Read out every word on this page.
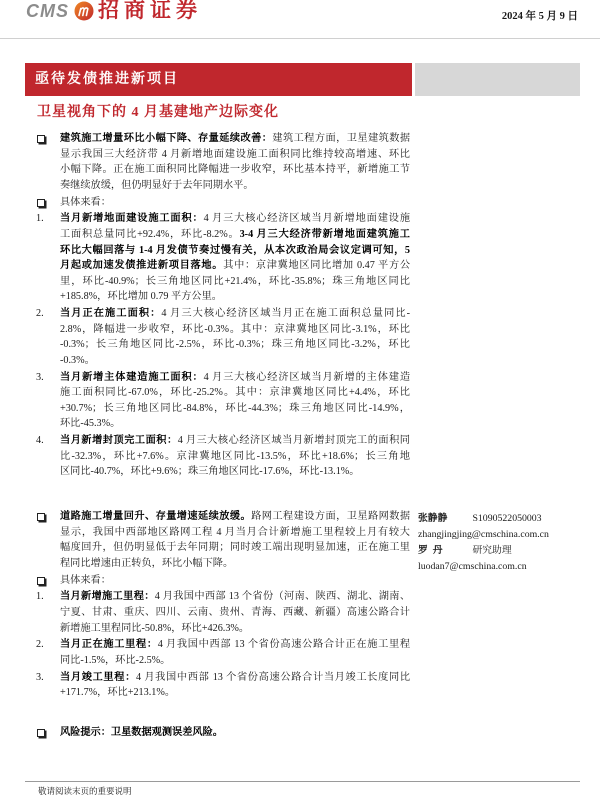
CMS 招商证券	2024 年 5 月 9 日
亟待发债推进新项目
卫星视角下的 4 月基建地产边际变化
建筑施工增量环比小幅下降、存量延续改善：建筑工程方面，卫星建筑数据
显示我国三大经济带 4 月新增地面建设施工面积同比维持较高增速、环比
小幅下降。正在施工面积同比降幅进一步收窄，环比基本持平，新增施工节
奏继续放缓，但仍明显好于去年同期水平。
具体来看：
1. 当月新增地面建设施工面积：4 月三大核心经济区域当月新增地面建设施
工面积总量同比+92.4%，环比-8.2%。3-4 月三大经济带新增地面建筑施工
环比大幅回落与 1-4 月发债节奏过慢有关，从本次政治局会议定调可知，5
月起或加速发债推进新项目落地。其中：京津冀地区同比增加 0.47 平方公
里，环比-40.9%；长三角地区同比+21.4%，环比-35.8%；珠三角地区同比
+185.8%，环比增加 0.79 平方公里。
2. 当月正在施工面积：4 月三大核心经济区域当月正在施工面积总量同比-
2.8%，降幅进一步收窄，环比-0.3%。其中：京津冀地区同比-3.1%，环比
-0.3%；长三角地区同比-2.5%，环比-0.3%；珠三角地区同比-3.2%，环比
-0.3%。
3. 当月新增主体建造施工面积：4 月三大核心经济区域当月新增的主体建造
施工面积同比-67.0%，环比-25.2%。其中：京津冀地区同比+4.4%，环比
+30.7%；长三角地区同比-84.8%，环比-44.3%；珠三角地区同比-14.9%，
环比-45.3%。
4. 当月新增封顶完工面积：4 月三大核心经济区域当月新增封顶完工的面积同
比-32.3%，环比+7.6%。京津冀地区同比-13.5%，环比+18.6%；长三角地
区同比-40.7%，环比+9.6%；珠三角地区同比-17.6%，环比-13.1%。
道路施工增量回升、存量增速延续放缓。路网工程建设方面，卫星路网数据
显示，我国中西部地区路网工程 4 月当月合计新增施工里程较上月有较大
幅度回升，但仍明显低于去年同期；同时竣工端出现明显加速，正在施工里
程同比增速由正转负，环比小幅下降。
具体来看：
1. 当月新增施工里程：4 月我国中西部 13 个省份（河南、陕西、湖北、湖南、
宁夏、甘肃、重庆、四川、云南、贵州、青海、西藏、新疆）高速公路合计
新增施工里程同比-50.8%，环比+426.3%。
2. 当月正在施工里程：4 月我国中西部 13 个省份高速公路合计正在施工里程
同比-1.5%，环比-2.5%。
3. 当月竣工里程：4 月我国中西部 13 个省份高速公路合计当月竣工长度同比
+171.7%，环比+213.1%。
风险提示：卫星数据观测误差风险。
张静静	S1090522050003
zhangjingjing@cmschina.com.cn
罗  丹	研究助理
luodan7@cmschina.com.cn
敬请阅读末页的重要说明
